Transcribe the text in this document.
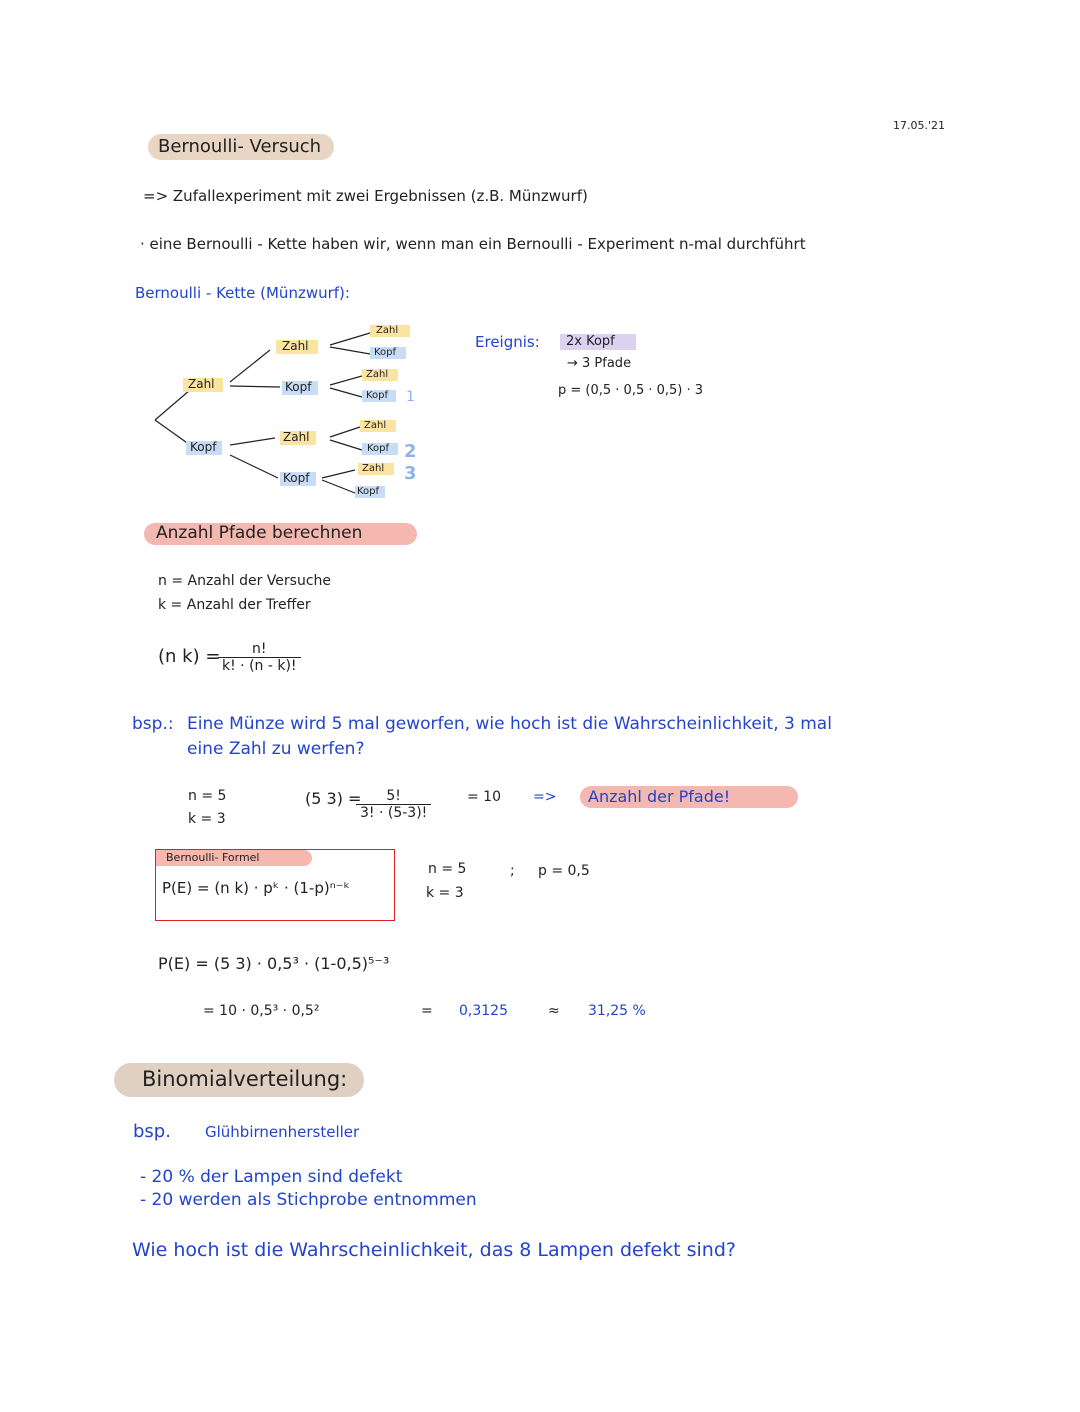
17.05.'21
Bernoulli- Versuch
=> Zufallexperiment mit zwei Ergebnissen (z.B. Münzwurf)
· eine Bernoulli - Kette haben wir, wenn man ein Bernoulli - Experiment n-mal durchführt
Bernoulli - Kette (Münzwurf):
Zahl
Kopf
Zahl
Kopf
Zahl
Kopf
Zahl
Kopf
Zahl
Kopf
Zahl
Kopf
Zahl
Kopf
1
2
3
Ereignis: 2x Kopf
→ 3 Pfade
p = (0,5 · 0,5 · 0,5) · 3
Anzahl Pfade berechnen
n = Anzahl der Versuche
k = Anzahl der Treffer
(n k) =
$\frac{n!}{k! \cdot (n - k)!}$
bsp.: Eine Münze wird 5 mal geworfen, wie hoch ist die Wahrscheinlichkeit, 3 mal
eine Zahl zu werfen?
n = 5
k = 3
(5 3) =
$\frac{5!}{3! \cdot (5-3)!}$	= 10 => Anzahl der Pfade!
Bernoulli- Formel
P(E) = (n k) · pᵏ · (1-p)ⁿ⁻ᵏ
n = 5
k = 3
; p = 0,5
P(E) = (5 3) · 0,5³ · (1-0,5)⁵⁻³
= 10 · 0,5³ · 0,5²	= 0,3125	≈ 31,25 %
Binomialverteilung:
bsp. Glühbirnenhersteller
- 20 % der Lampen sind defekt
- 20 werden als Stichprobe entnommen
Wie hoch ist die Wahrscheinlichkeit, das 8 Lampen defekt sind?
